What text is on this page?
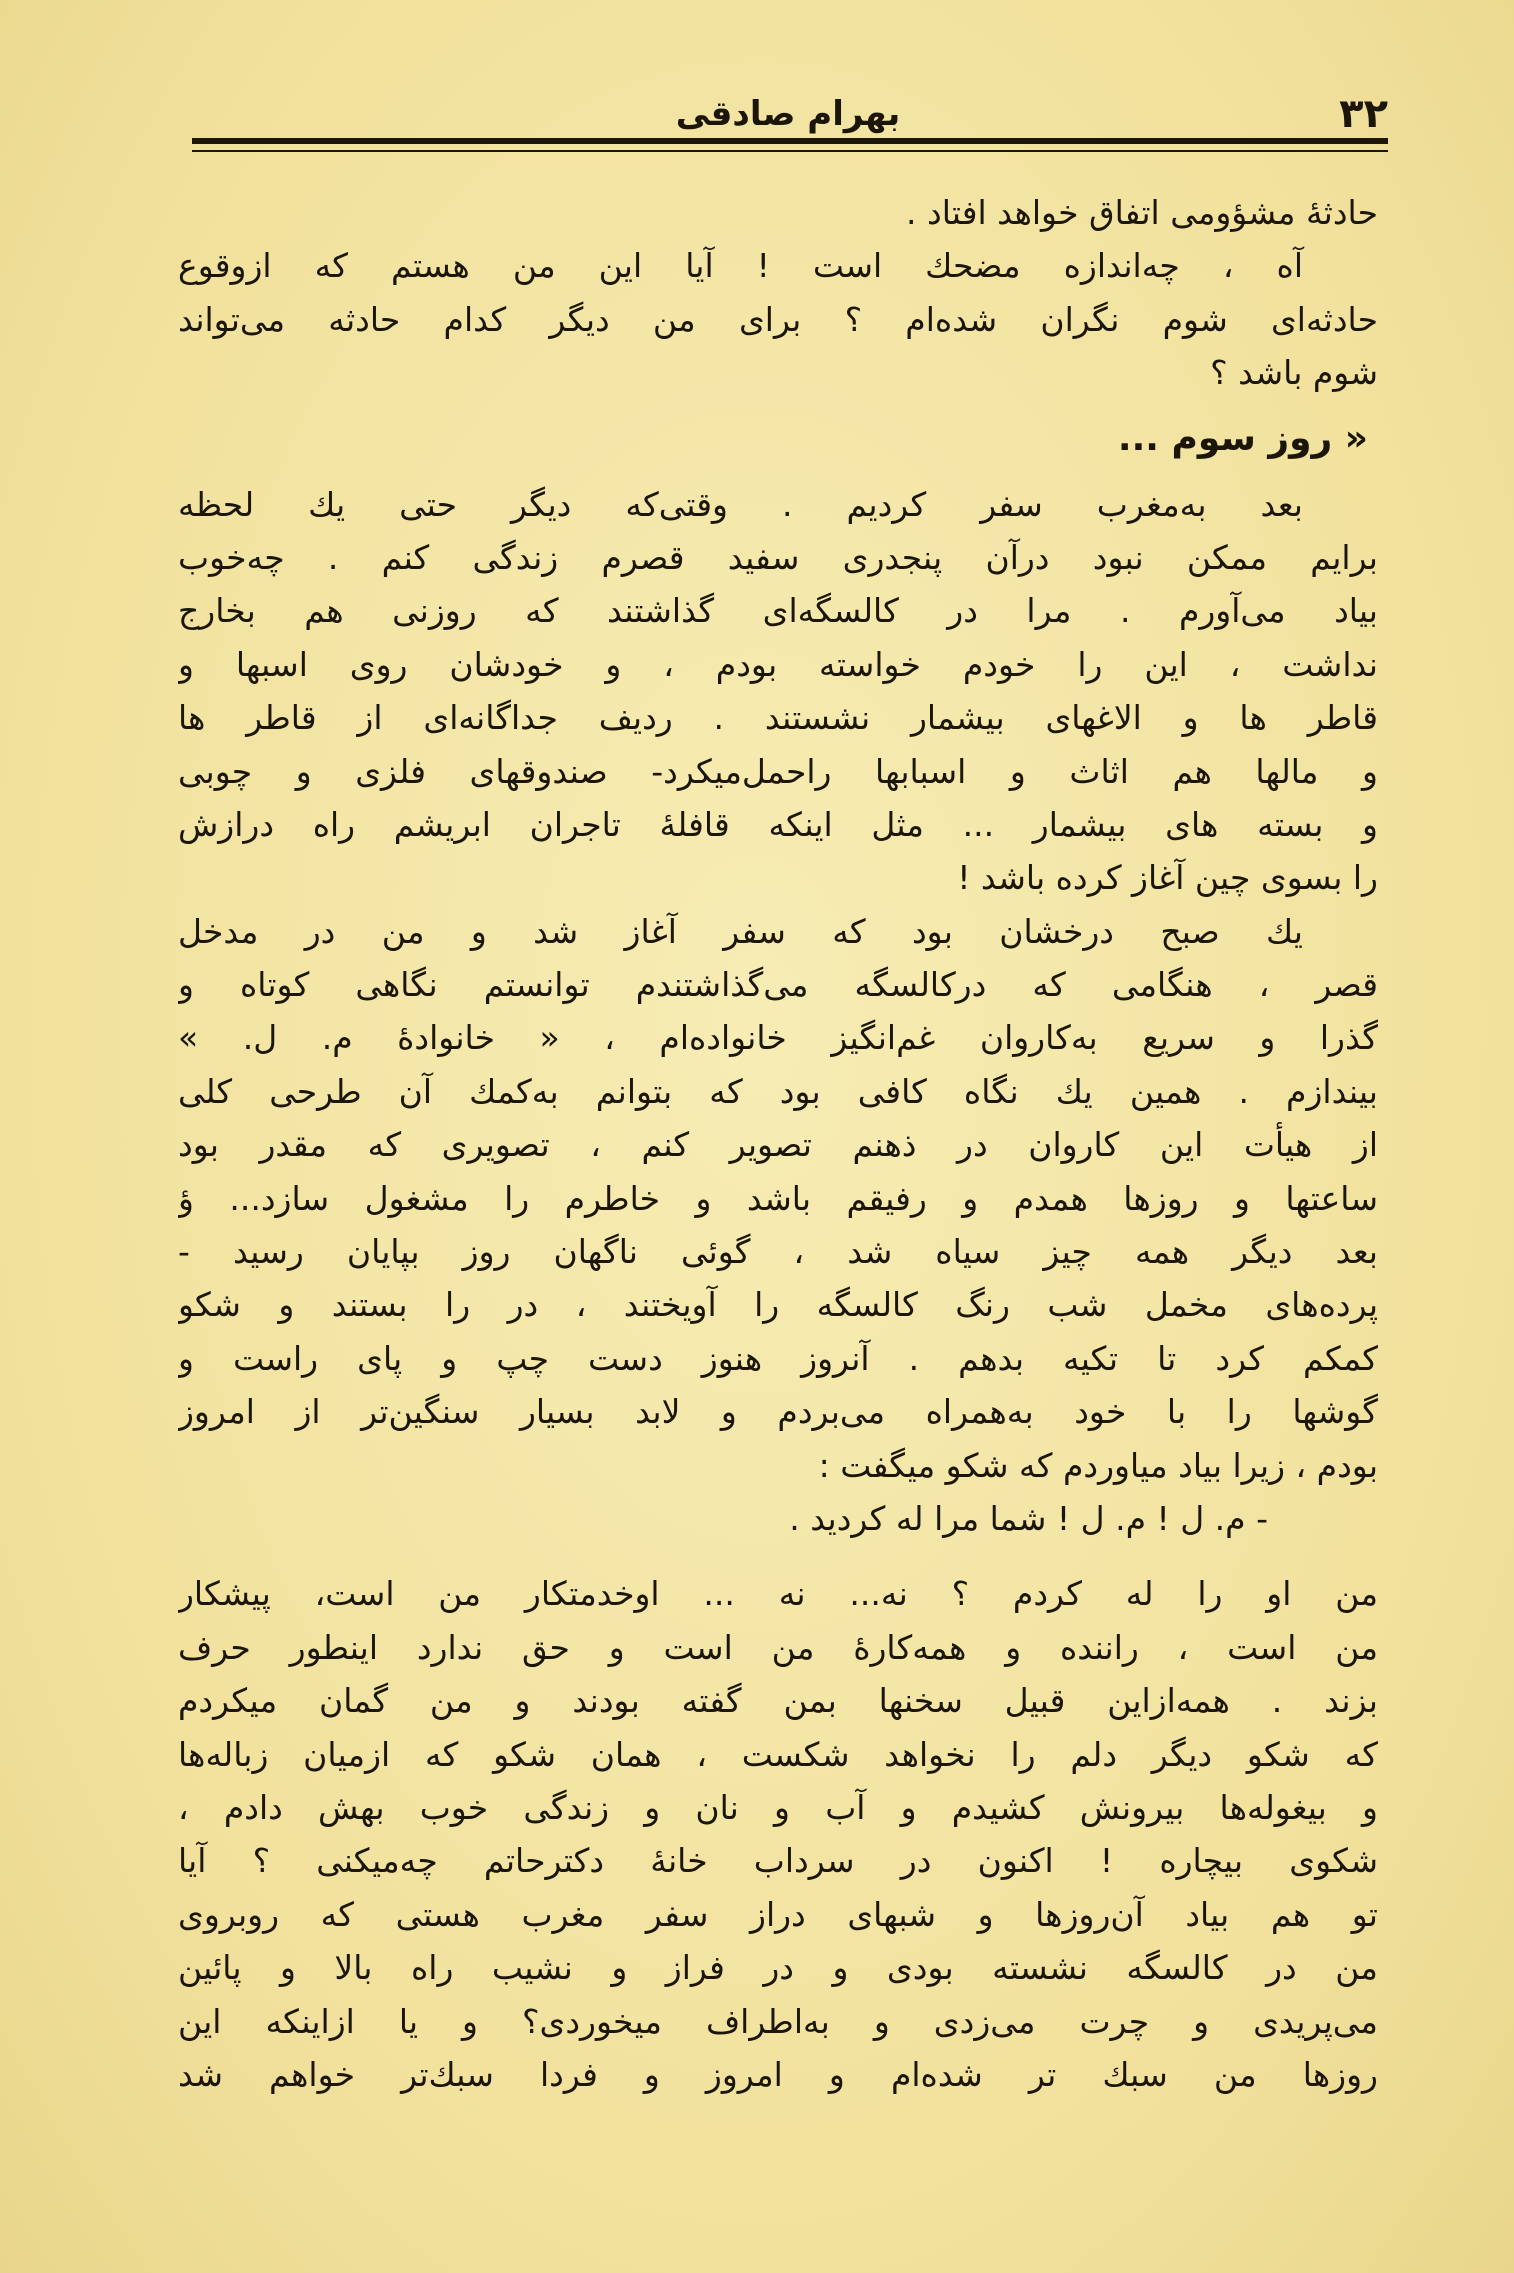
۳۲
بهرام صادقی
حادثهٔ مشؤومی اتفاق خواهد افتاد .
آه ، چه‌اندازه مضحك است ! آیا این من هستم که ازوقوع
حادثه‌ای شوم نگران شده‌ام ؟ برای من دیگر کدام حادثه می‌تواند
شوم باشد ؟
« روز سوم ...
بعد به‌مغرب سفر کردیم . وقتی‌که دیگر حتی یك لحظه
برایم ممکن نبود درآن پنجدری سفید قصرم زندگی کنم . چه‌خوب
بیاد می‌آورم . مرا در کالسگه‌ای گذاشتند که روزنی هم بخارج
نداشت ، این را خودم خواسته بودم ، و خودشان روی اسبها و
قاطر ها و الاغهای بیشمار نشستند . ردیف جداگانه‌ای از قاطر ها
و مالها هم اثاث و اسبابها راحمل‌میکرد- صندوقهای فلزی و چوبی
و بسته های بیشمار ... مثل اینکه قافلهٔ تاجران ابریشم راه درازش
را بسوی چین آغاز کرده باشد !
یك صبح درخشان بود که سفر آغاز شد و من در مدخل
قصر ، هنگامی که درکالسگه می‌گذاشتندم توانستم نگاهی کوتاه و
گذرا و سریع به‌کاروان غم‌انگیز خانواده‌ام ، « خانوادهٔ م. ل. »
بیندازم . همین یك نگاه کافی بود که بتوانم به‌کمك آن طرحی کلی
از هیأت این کاروان در ذهنم تصویر کنم ، تصویری که مقدر بود
ساعتها و روزها همدم و رفیقم باشد و خاطرم را مشغول سازد... ؤ
بعد دیگر همه چیز سیاه شد ، گوئی ناگهان روز بپایان رسید -
پرده‌های مخمل شب رنگ کالسگه را آویختند ، در را بستند و شکو
کمکم کرد تا تکیه بدهم . آنروز هنوز دست چپ و پای راست و
گوشها را با خود به‌همراه می‌بردم و لابد بسیار سنگین‌تر از امروز
بودم ، زیرا بیاد میاوردم که شکو میگفت :
- م. ل ! م. ل ! شما مرا له کردید .
من او را له کردم ؟ نه... نه ... اوخدمتکار من است، پیشکار
من است ، راننده و همه‌کارهٔ من است و حق ندارد اینطور حرف
بزند . همه‌ازاین قبیل سخنها بمن گفته بودند و من گمان میکردم
که شکو دیگر دلم را نخواهد شکست ، همان شکو که ازمیان زباله‌ها
و بیغوله‌ها بیرونش کشیدم و آب و نان و زندگی خوب بهش دادم ،
شکوی بیچاره ! اکنون در سرداب خانهٔ دکترحاتم چه‌میکنی ؟ آیا
تو هم بیاد آن‌روزها و شبهای دراز سفر مغرب هستی که روبروی
من در کالسگه نشسته بودی و در فراز و نشیب راه بالا و پائین
می‌پریدی و چرت می‌زدی و به‌اطراف میخوردی؟ و یا ازاینکه این
روزها من سبك تر شده‌ام و امروز و فردا سبك‌تر خواهم شد
